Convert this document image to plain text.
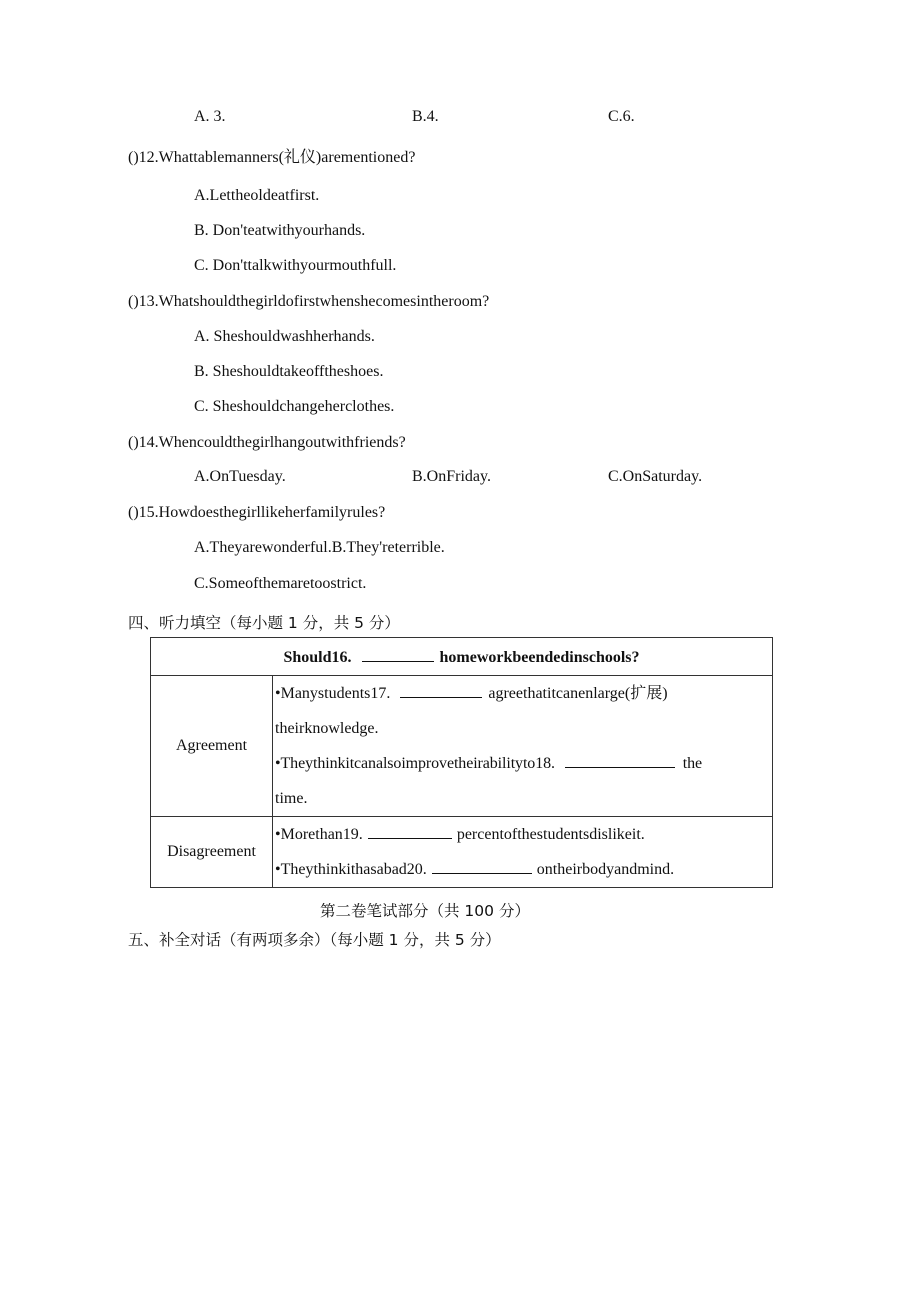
A. 3.	B.4.	C.6.
()12.Whattablemanners(礼仪)arementioned?
A.Lettheoldeatfirst.
B. Don'teatwithyourhands.
C. Don'ttalkwithyourmouthfull.
()13.Whatshouldthegirldofirstwhenshecomesintheroom?
A. Sheshouldwashherhands.
B. Sheshouldtakeofftheshoes.
C. Sheshouldchangeherclothes.
()14.Whencouldthegirlhangoutwithfriends?
A.OnTuesday.	B.OnFriday.	C.OnSaturday.
()15.Howdoesthegirllikeherfamilyrules?
A.Theyarewonderful.B.They'reterrible.
C.Someofthemaretoostrict.
四、听力填空（每小题 1 分，共 5 分）
Should16. homeworkbeendedinschools?	
Agreement	•Manystudents17. agreethatitcanenlarge(扩展)
theirknowledge.
•Theythinkitcanalsoimprovetheirabilityto18. the
time.

Disagreement	•Morethan19. percentofthestudentsdislikeit.
•Theythinkithasabad20. ontheirbodyandmind.
第二卷笔试部分（共 100 分）
五、补全对话（有两项多余）（每小题 1 分，共 5 分）
